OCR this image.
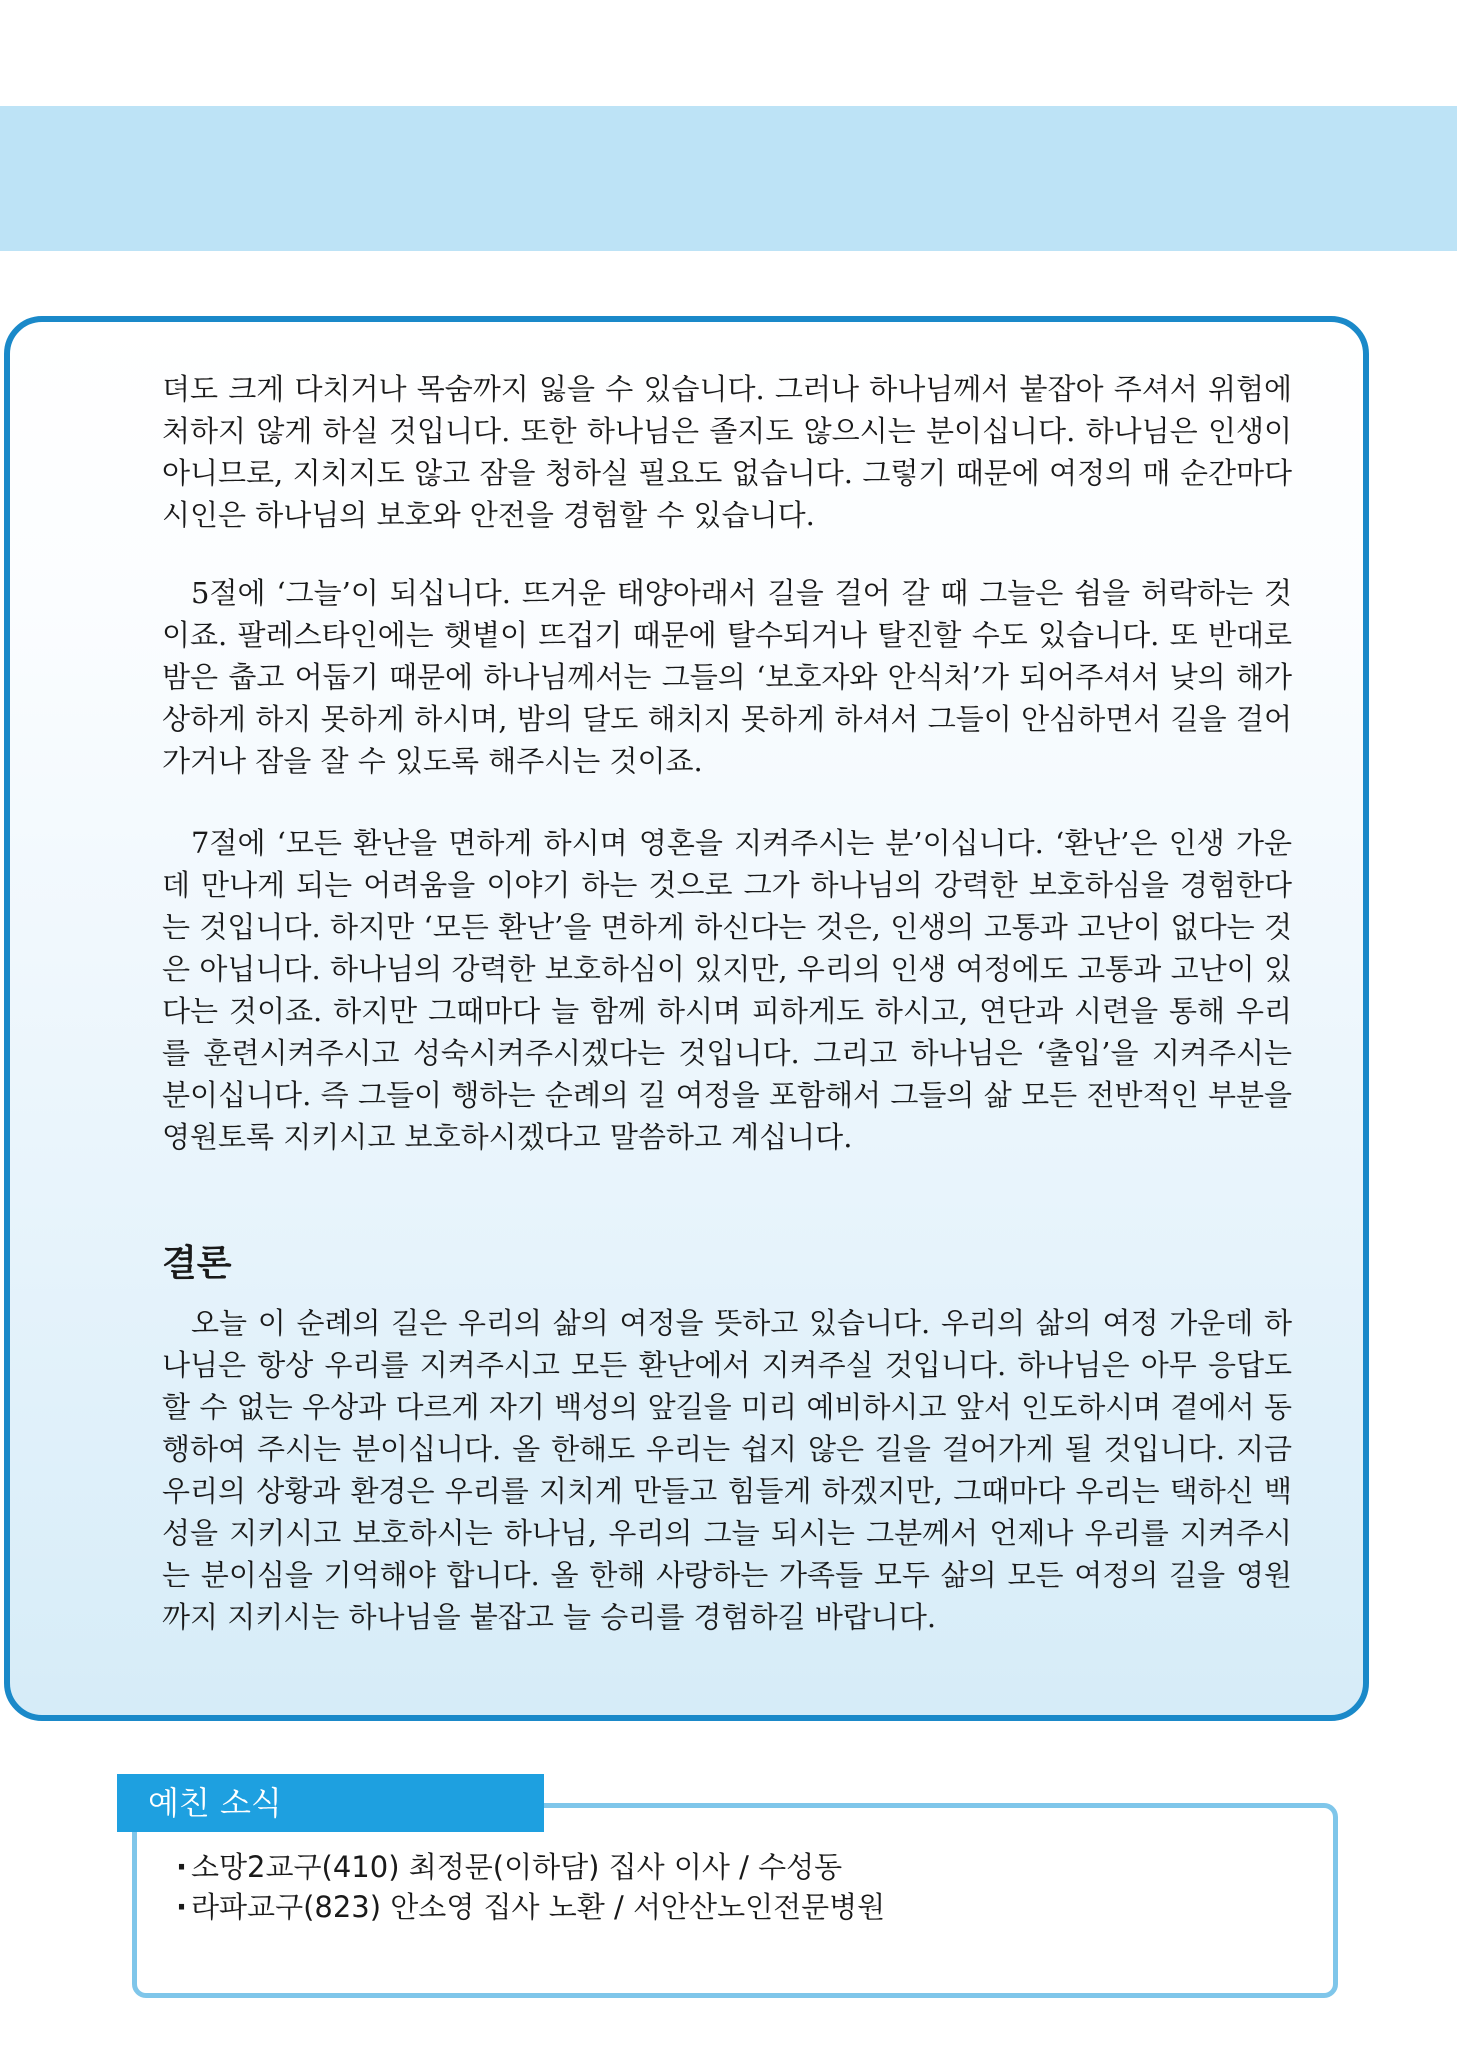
5

뎌도 크게 다치거나 목숨까지 잃을 수 있습니다. 그러나 하나님께서 붙잡아 주셔서 위험에 처하지 않게 하실 것입니다. 또한 하나님은 졸지도 않으시는 분이십니다. 하나님은 인생이 아니므로, 지치지도 않고 잠을 청하실 필요도 없습니다. 그렇기 때문에 여정의 매 순간마다 시인은 하나님의 보호와 안전을 경험할 수 있습니다.

5절에 ‘그늘’이 되십니다. 뜨거운 태양아래서 길을 걸어 갈 때 그늘은 쉼을 허락하는 것이죠. 팔레스타인에는 햇볕이 뜨겁기 때문에 탈수되거나 탈진할 수도 있습니다. 또 반대로 밤은 춥고 어둡기 때문에 하나님께서는 그들의 ‘보호자와 안식처’가 되어주셔서 낮의 해가 상하게 하지 못하게 하시며, 밤의 달도 해치지 못하게 하셔서 그들이 안심하면서 길을 걸어가거나 잠을 잘 수 있도록 해주시는 것이죠.

7절에 ‘모든 환난을 면하게 하시며 영혼을 지켜주시는 분’이십니다. ‘환난’은 인생 가운데 만나게 되는 어려움을 이야기 하는 것으로 그가 하나님의 강력한 보호하심을 경험한다는 것입니다. 하지만 ‘모든 환난’을 면하게 하신다는 것은, 인생의 고통과 고난이 없다는 것은 아닙니다. 하나님의 강력한 보호하심이 있지만, 우리의 인생 여정에도 고통과 고난이 있다는 것이죠. 하지만 그때마다 늘 함께 하시며 피하게도 하시고, 연단과 시련을 통해 우리를 훈련시켜주시고 성숙시켜주시겠다는 것입니다. 그리고 하나님은 ‘출입’을 지켜주시는 분이십니다. 즉 그들이 행하는 순례의 길 여정을 포함해서 그들의 삶 모든 전반적인 부분을 영원토록 지키시고 보호하시겠다고 말씀하고 계십니다.

결론

오늘 이 순례의 길은 우리의 삶의 여정을 뜻하고 있습니다. 우리의 삶의 여정 가운데 하나님은 항상 우리를 지켜주시고 모든 환난에서 지켜주실 것입니다. 하나님은 아무 응답도 할 수 없는 우상과 다르게 자기 백성의 앞길을 미리 예비하시고 앞서 인도하시며 곁에서 동행하여 주시는 분이십니다. 올 한해도 우리는 쉽지 않은 길을 걸어가게 될 것입니다. 지금 우리의 상황과 환경은 우리를 지치게 만들고 힘들게 하겠지만, 그때마다 우리는 택하신 백성을 지키시고 보호하시는 하나님, 우리의 그늘 되시는 그분께서 언제나 우리를 지켜주시는 분이심을 기억해야 합니다. 올 한해 사랑하는 가족들 모두 삶의 모든 여정의 길을 영원까지 지키시는 하나님을 붙잡고 늘 승리를 경험하길 바랍니다.

예친 소식
· 소망2교구(410) 최정문(이하담) 집사 이사 / 수성동
· 라파교구(823) 안소영 집사 노환 / 서안산노인전문병원
